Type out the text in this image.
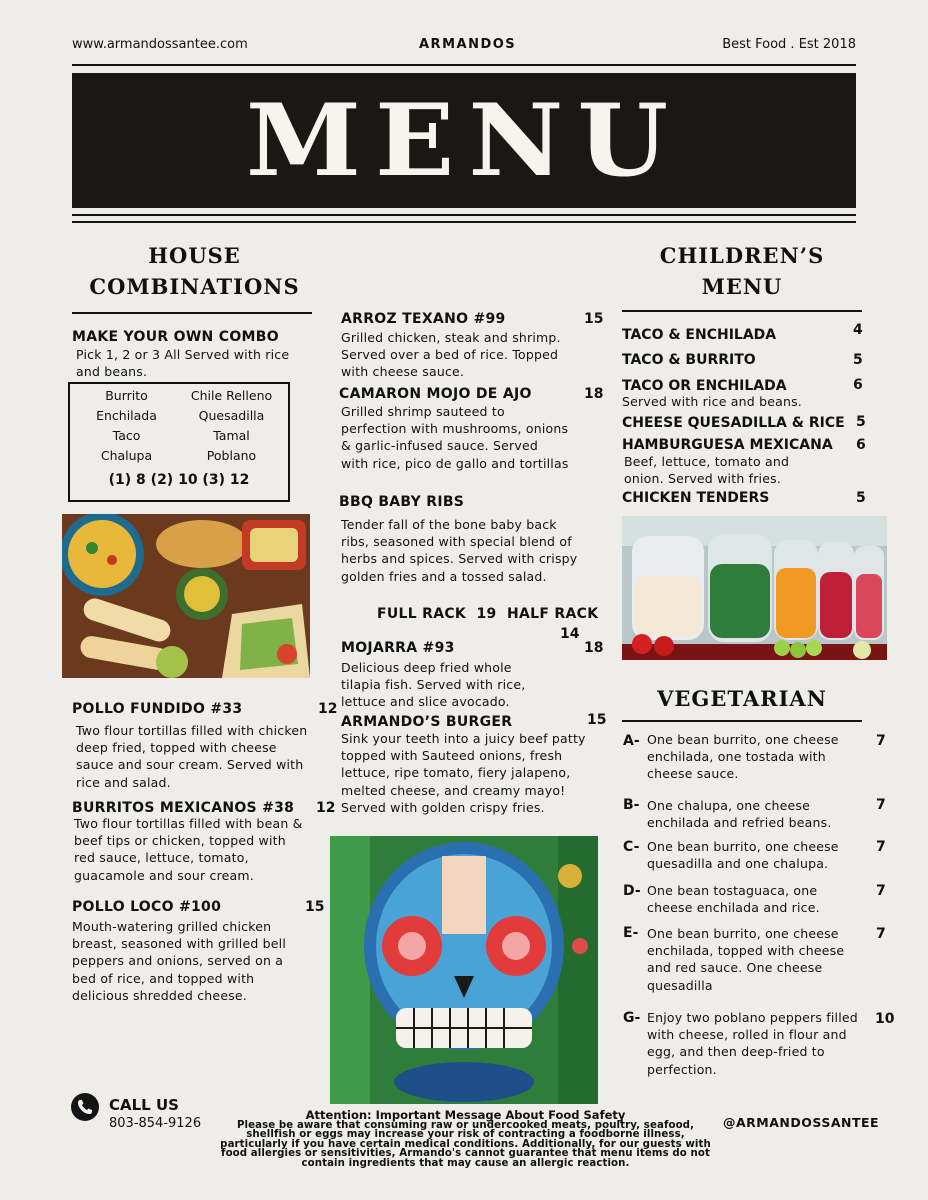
www.armandossantee.com	ARMANDOS	Best Food . Est 2018
MENU
HOUSE
COMBINATIONS
MAKE YOUR OWN COMBO
Pick 1, 2 or 3 All Served with rice and beans.
Burrito	Chile Relleno
Enchilada	Quesadilla
Taco	Tamal
Chalupa	Poblano
(1) 8 (2) 10 (3) 12
POLLO FUNDIDO #33	12
Two flour tortillas filled with chicken deep fried, topped with cheese sauce and sour cream. Served with rice and salad.
BURRITOS MEXICANOS #38 12
Two flour tortillas filled with bean & beef tips or chicken, topped with red sauce, lettuce, tomato, guacamole and sour cream.
POLLO LOCO #100	15
Mouth-watering grilled chicken breast, seasoned with grilled bell peppers and onions, served on a bed of rice, and topped with delicious shredded cheese.
ARROZ TEXANO #99	15
Grilled chicken, steak and shrimp. Served over a bed of rice. Topped with cheese sauce.
CAMARON MOJO DE AJO	18
Grilled shrimp sauteed to perfection with mushrooms, onions & garlic-infused sauce. Served with rice, pico de gallo and tortillas
BBQ BABY RIBS
Tender fall of the bone baby back ribs, seasoned with special blend of herbs and spices. Served with crispy golden fries and a tossed salad.
FULL RACK 19 HALF RACK
14
MOJARRA #93	18
Delicious deep fried whole tilapia fish. Served with rice, lettuce and slice avocado.
ARMANDO’S BURGER	15
Sink your teeth into a juicy beef patty topped with Sauteed onions, fresh lettuce, ripe tomato, fiery jalapeno, melted cheese, and creamy mayo! Served with golden crispy fries.
CHILDREN’S
MENU
TACO & ENCHILADA	4
TACO & BURRITO	5
TACO OR ENCHILADA	6
Served with rice and beans.
CHEESE QUESADILLA & RICE 5
HAMBURGUESA MEXICANA 6
Beef, lettuce, tomato and onion. Served with fries.
CHICKEN TENDERS	5
VEGETARIAN
A- One bean burrito, one cheese enchilada, one tostada with cheese sauce.
7
B- One chalupa, one cheese enchilada and refried beans.
7
C- One bean burrito, one cheese quesadilla and one chalupa.
7
D- One bean tostaguaca, one cheese enchilada and rice.
7
E- One bean burrito, one cheese enchilada, topped with cheese and red sauce. One cheese quesadilla
7
G- Enjoy two poblano peppers filled with cheese, rolled in flour and egg, and then deep-fried to perfection.
10
CALL US
803-854-9126	@ARMANDOSSANTEE
Attention: Important Message About Food Safety
Please be aware that consuming raw or undercooked meats, poultry, seafood, shellfish or eggs may increase your risk of contracting a foodborne illness, particularly if you have certain medical conditions. Additionally, for our guests with food allergies or sensitivities, Armando's cannot guarantee that menu items do not contain ingredients that may cause an allergic reaction.
